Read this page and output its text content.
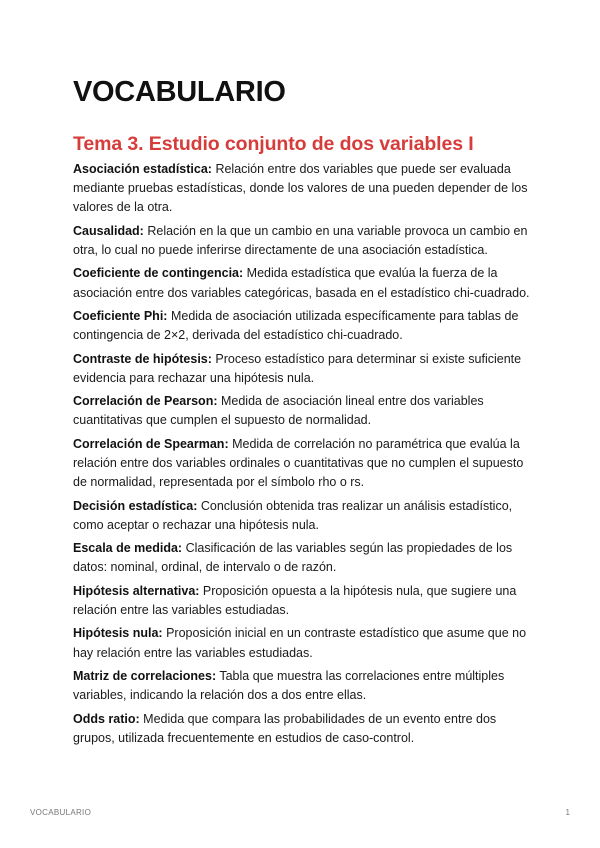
VOCABULARIO
Tema 3. Estudio conjunto de dos variables I
Asociación estadística: Relación entre dos variables que puede ser evaluada mediante pruebas estadísticas, donde los valores de una pueden depender de los valores de la otra.
Causalidad: Relación en la que un cambio en una variable provoca un cambio en otra, lo cual no puede inferirse directamente de una asociación estadística.
Coeficiente de contingencia: Medida estadística que evalúa la fuerza de la asociación entre dos variables categóricas, basada en el estadístico chi-cuadrado.
Coeficiente Phi: Medida de asociación utilizada específicamente para tablas de contingencia de 2×2, derivada del estadístico chi-cuadrado.
Contraste de hipótesis: Proceso estadístico para determinar si existe suficiente evidencia para rechazar una hipótesis nula.
Correlación de Pearson: Medida de asociación lineal entre dos variables cuantitativas que cumplen el supuesto de normalidad.
Correlación de Spearman: Medida de correlación no paramétrica que evalúa la relación entre dos variables ordinales o cuantitativas que no cumplen el supuesto de normalidad, representada por el símbolo rho o rs.
Decisión estadística: Conclusión obtenida tras realizar un análisis estadístico, como aceptar o rechazar una hipótesis nula.
Escala de medida: Clasificación de las variables según las propiedades de los datos: nominal, ordinal, de intervalo o de razón.
Hipótesis alternativa: Proposición opuesta a la hipótesis nula, que sugiere una relación entre las variables estudiadas.
Hipótesis nula: Proposición inicial en un contraste estadístico que asume que no hay relación entre las variables estudiadas.
Matriz de correlaciones: Tabla que muestra las correlaciones entre múltiples variables, indicando la relación dos a dos entre ellas.
Odds ratio: Medida que compara las probabilidades de un evento entre dos grupos, utilizada frecuentemente en estudios de caso-control.
VOCABULARIO	1
